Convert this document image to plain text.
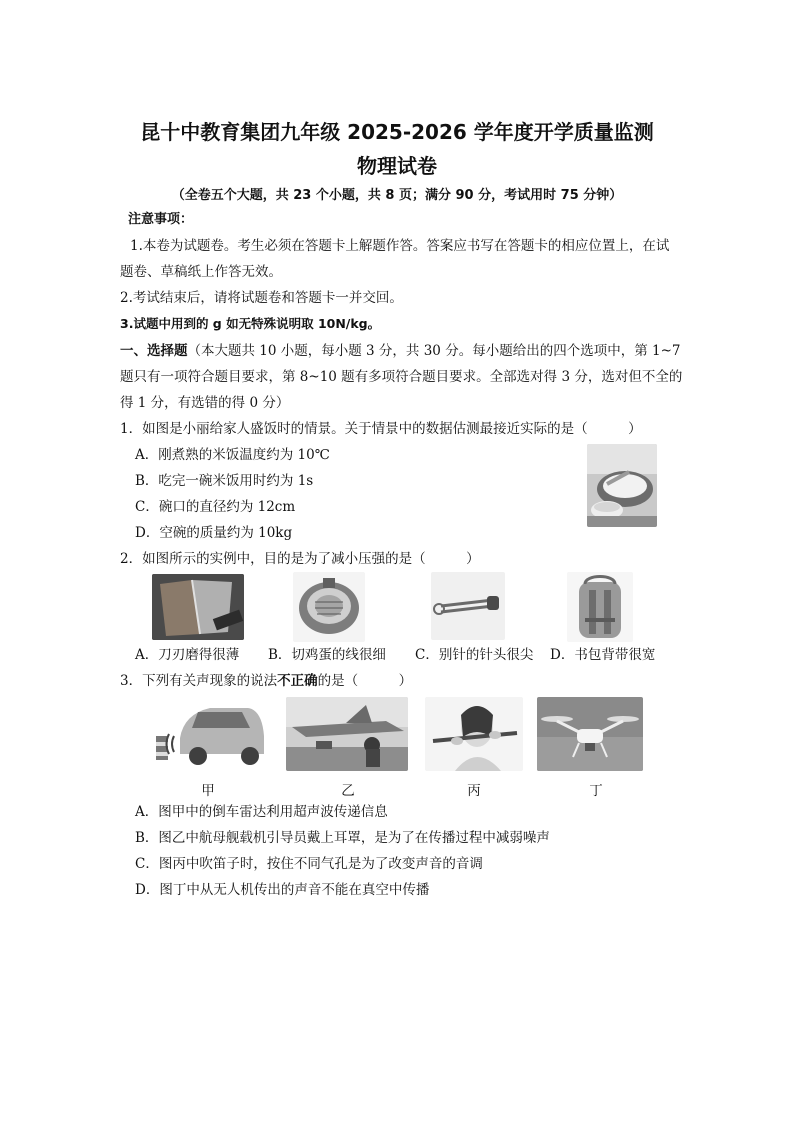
昆十中教育集团九年级 2025-2026 学年度开学质量监测
物理试卷
（全卷五个大题，共 23 个小题，共 8 页；满分 90 分，考试用时 75 分钟）
注意事项：
1.本卷为试题卷。考生必须在答题卡上解题作答。答案应书写在答题卡的相应位置上，在试
题卷、草稿纸上作答无效。
2.考试结束后，请将试题卷和答题卡一并交回。
3.试题中用到的 g 如无特殊说明取 10N/kg。
一、选择题（本大题共 10 小题，每小题 3 分，共 30 分。每小题给出的四个选项中，第 1~7
题只有一项符合题目要求，第 8~10 题有多项符合题目要求。全部选对得 3 分，选对但不全的
得 1 分，有选错的得 0 分）
1．如图是小丽给家人盛饭时的情景。关于情景中的数据估测最接近实际的是（　　　）
A．刚煮熟的米饭温度约为 10℃
B．吃完一碗米饭用时约为 1s
C．碗口的直径约为 12cm
D．空碗的质量约为 10kg
2．如图所示的实例中，目的是为了减小压强的是（　　　）
A．刀刃磨得很薄 B．切鸡蛋的线很细 C．别针的针头很尖 D．书包背带很宽
3．下列有关声现象的说法不正确的是（　　　）
甲	乙	丙	丁
A．图甲中的倒车雷达利用超声波传递信息
B．图乙中航母舰载机引导员戴上耳罩，是为了在传播过程中减弱噪声
C．图丙中吹笛子时，按住不同气孔是为了改变声音的音调
D．图丁中从无人机传出的声音不能在真空中传播
